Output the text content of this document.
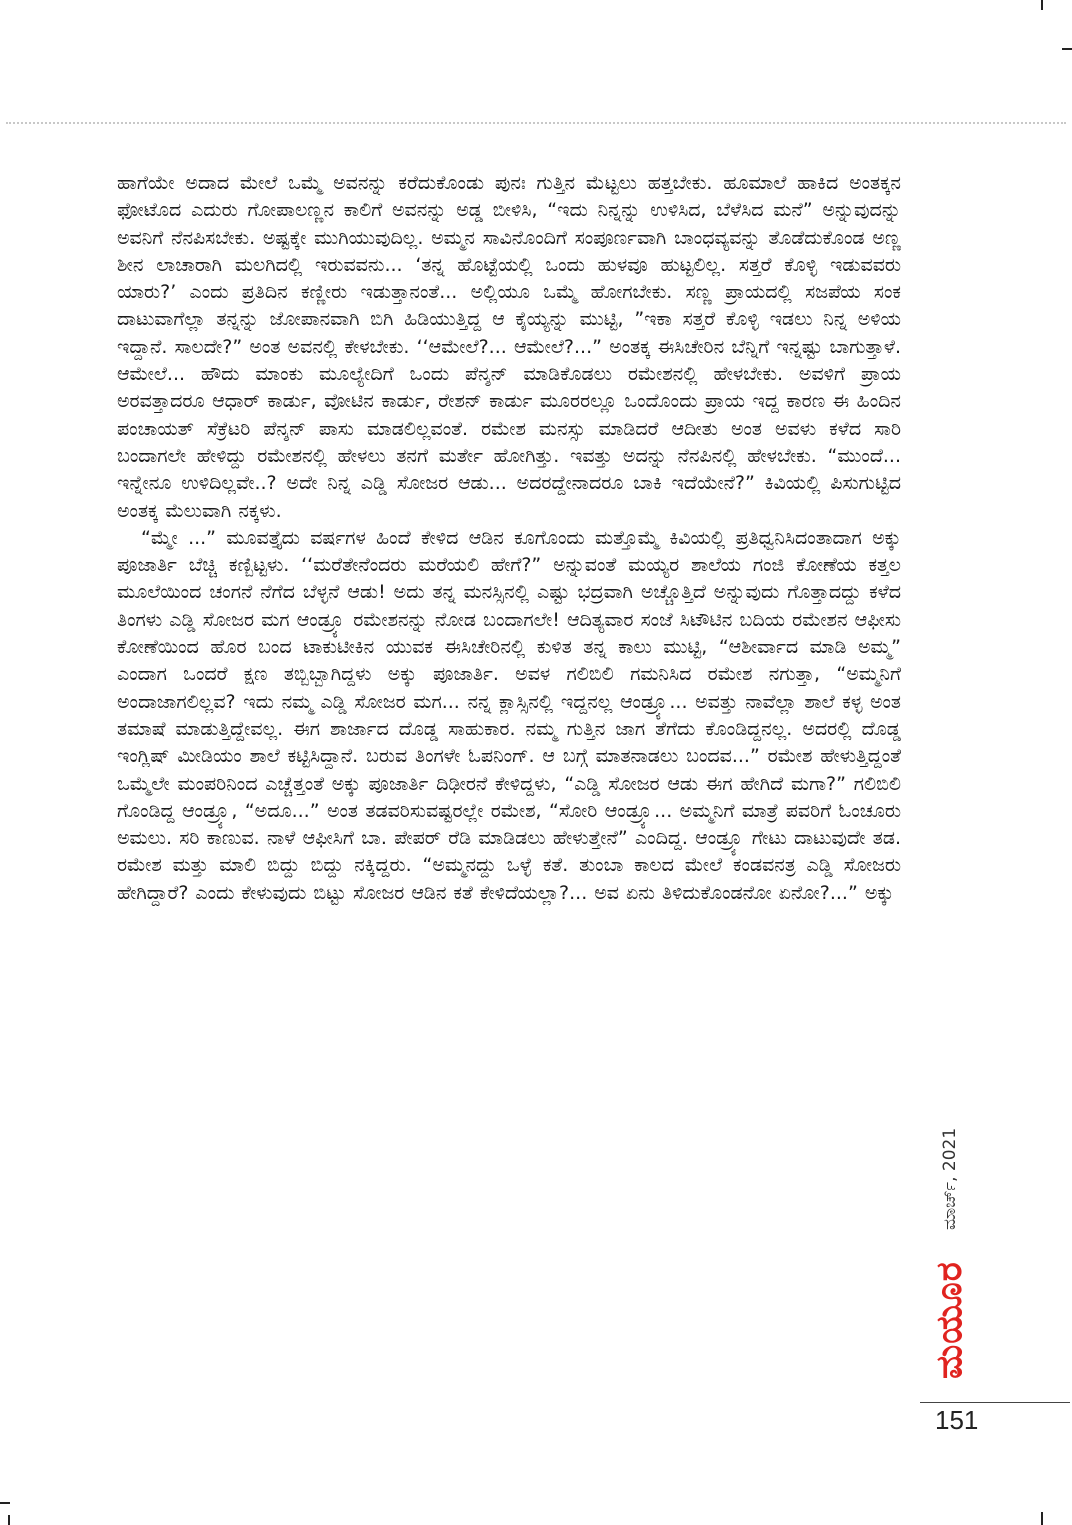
ಹಾಗೆಯೇ ಅದಾದ ಮೇಲೆ ಒಮ್ಮೆ ಅವನನ್ನು ಕರೆದುಕೊಂಡು ಪುನಃ ಗುತ್ತಿನ ಮೆಟ್ಟಲು ಹತ್ತಬೇಕು. ಹೂಮಾಲೆ ಹಾಕಿದ ಅಂತಕ್ಕನ ಫೋಟೊದ ಎದುರು ಗೋಪಾಲಣ್ಣನ ಕಾಲಿಗೆ ಅವನನ್ನು ಅಡ್ಡ ಬೀಳಿಸಿ, “ಇದು ನಿನ್ನನ್ನು ಉಳಿಸಿದ, ಬೆಳೆಸಿದ ಮನೆ” ಅನ್ನುವುದನ್ನು ಅವನಿಗೆ ನೆನಪಿಸಬೇಕು. ಅಷ್ಟಕ್ಕೇ ಮುಗಿಯುವುದಿಲ್ಲ. ಅಮ್ಮನ ಸಾವಿನೊಂದಿಗೆ ಸಂಪೂರ್ಣವಾಗಿ ಬಾಂಧವ್ಯವನ್ನು ತೊಡೆದುಕೊಂಡ ಅಣ್ಣ ಶೀನ ಲಾಚಾರಾಗಿ ಮಲಗಿದಲ್ಲಿ ಇರುವವನು... ‘ತನ್ನ ಹೊಟ್ಟೆಯಲ್ಲಿ ಒಂದು ಹುಳವೂ ಹುಟ್ಟಲಿಲ್ಲ. ಸತ್ತರೆ ಕೊಳ್ಳಿ ಇಡುವವರು ಯಾರು?’ ಎಂದು ಪ್ರತಿದಿನ ಕಣ್ಣೀರು ಇಡುತ್ತಾನಂತೆ... ಅಲ್ಲಿಯೂ ಒಮ್ಮೆ ಹೋಗಬೇಕು. ಸಣ್ಣ ಪ್ರಾಯದಲ್ಲಿ ಸಜಪೆಯ ಸಂಕ ದಾಟುವಾಗೆಲ್ಲಾ ತನ್ನನ್ನು ಜೋಪಾನವಾಗಿ ಬಿಗಿ ಹಿಡಿಯುತ್ತಿದ್ದ ಆ ಕೈಯ್ಯನ್ನು ಮುಟ್ಟಿ, ”ಇಕಾ ಸತ್ತರೆ ಕೊಳ್ಳಿ ಇಡಲು ನಿನ್ನ ಅಳಿಯ ಇದ್ದಾನೆ. ಸಾಲದೇ?” ಅಂತ ಅವನಲ್ಲಿ ಕೇಳಬೇಕು. ‘‘ಆಮೇಲೆ?... ಆಮೇಲೆ?...” ಅಂತಕ್ಕ ಈಸಿಚೇರಿನ ಬೆನ್ನಿಗೆ ಇನ್ನಷ್ಟು ಬಾಗುತ್ತಾಳೆ. ಆಮೇಲೆ... ಹೌದು ಮಾಂಕು ಮೂಲ್ಯೇದಿಗೆ ಒಂದು ಪೆನ್ಶನ್ ಮಾಡಿಕೊಡಲು ರಮೇಶನಲ್ಲಿ ಹೇಳಬೇಕು. ಅವಳಿಗೆ ಪ್ರಾಯ ಅರವತ್ತಾದರೂ ಆಧಾರ್ ಕಾರ್ಡು, ವೋಟಿನ ಕಾರ್ಡು, ರೇಶನ್ ಕಾರ್ಡು ಮೂರರಲ್ಲೂ ಒಂದೊಂದು ಪ್ರಾಯ ಇದ್ದ ಕಾರಣ ಈ ಹಿಂದಿನ ಪಂಚಾಯತ್ ಸೆಕ್ರೆಟರಿ ಪೆನ್ಶನ್ ಪಾಸು ಮಾಡಲಿಲ್ಲವಂತೆ. ರಮೇಶ ಮನಸ್ಸು ಮಾಡಿದರೆ ಆದೀತು ಅಂತ ಅವಳು ಕಳೆದ ಸಾರಿ ಬಂದಾಗಲೇ ಹೇಳಿದ್ದು ರಮೇಶನಲ್ಲಿ ಹೇಳಲು ತನಗೆ ಮರ್ತೇ ಹೋಗಿತ್ತು. ಇವತ್ತು ಅದನ್ನು ನೆನಪಿನಲ್ಲಿ ಹೇಳಬೇಕು. “ಮುಂದೆ... ಇನ್ನೇನೂ ಉಳಿದಿಲ್ಲವೇ..? ಅದೇ ನಿನ್ನ ಎಡ್ಡಿ ಸೋಜರ ಆಡು... ಅದರದ್ದೇನಾದರೂ ಬಾಕಿ ಇದೆಯೇನೆ?” ಕಿವಿಯಲ್ಲಿ ಪಿಸುಗುಟ್ಟಿದ ಅಂತಕ್ಕ ಮೆಲುವಾಗಿ ನಕ್ಕಳು.

“ಮ್ಮೇ ...” ಮೂವತ್ತೈದು ವರ್ಷಗಳ ಹಿಂದೆ ಕೇಳಿದ ಆಡಿನ ಕೂಗೊಂದು ಮತ್ತೊಮ್ಮೆ ಕಿವಿಯಲ್ಲಿ ಪ್ರತಿಧ್ವನಿಸಿದಂತಾದಾಗ ಅಕ್ಕು ಪೂಜಾರ್ತಿ ಬೆಚ್ಚಿ ಕಣ್ಬಿಟ್ಟಳು. ‘‘ಮರೆತೇನೆಂದರು ಮರೆಯಲಿ ಹೇಗೆ?” ಅನ್ನುವಂತೆ ಮಯ್ಯರ ಶಾಲೆಯ ಗಂಜಿ ಕೋಣೆಯ ಕತ್ತಲ ಮೂಲೆಯಿಂದ ಚಂಗನೆ ನೆಗೆದ ಬೆಳ್ಳನೆ ಆಡು! ಅದು ತನ್ನ ಮನಸ್ಸಿನಲ್ಲಿ ಎಷ್ಟು ಭದ್ರವಾಗಿ ಅಚ್ಚೊತ್ತಿದೆ ಅನ್ನುವುದು ಗೊತ್ತಾದದ್ದು ಕಳೆದ ತಿಂಗಳು ಎಡ್ಡಿ ಸೋಜರ ಮಗ ಆಂಡ್ರ್ಯೂ ರಮೇಶನನ್ನು ನೋಡ ಬಂದಾಗಲೇ! ಆದಿತ್ಯವಾರ ಸಂಜೆ ಸಿಟೌಟಿನ ಬದಿಯ ರಮೇಶನ ಆಫೀಸು ಕೋಣೆಯಿಂದ ಹೊರ ಬಂದ ಟಾಕುಟೀಕಿನ ಯುವಕ ಈಸಿಚೇರಿನಲ್ಲಿ ಕುಳಿತ ತನ್ನ ಕಾಲು ಮುಟ್ಟಿ, “ಆಶೀರ್ವಾದ ಮಾಡಿ ಅಮ್ಮ” ಎಂದಾಗ ಒಂದರೆ ಕ್ಷಣ ತಬ್ಬಿಬ್ಬಾಗಿದ್ದಳು ಅಕ್ಕು ಪೂಜಾರ್ತಿ. ಅವಳ ಗಲಿಬಿಲಿ ಗಮನಿಸಿದ ರಮೇಶ ನಗುತ್ತಾ, “ಅಮ್ಮನಿಗೆ ಅಂದಾಜಾಗಲಿಲ್ಲವ? ಇದು ನಮ್ಮ ಎಡ್ಡಿ ಸೋಜರ ಮಗ... ನನ್ನ ಕ್ಲಾಸ್ಸಿನಲ್ಲಿ ಇದ್ದನಲ್ಲ ಆಂಡ್ರ್ಯೂ... ಅವತ್ತು ನಾವೆಲ್ಲಾ ಶಾಲೆ ಕಳ್ಳ ಅಂತ ತಮಾಷೆ ಮಾಡುತ್ತಿದ್ದೇವಲ್ಲ. ಈಗ ಶಾರ್ಜಾದ ದೊಡ್ಡ ಸಾಹುಕಾರ. ನಮ್ಮ ಗುತ್ತಿನ ಜಾಗ ತೆಗೆದು ಕೊಂಡಿದ್ದನಲ್ಲ. ಅದರಲ್ಲಿ ದೊಡ್ಡ ಇಂಗ್ಲಿಷ್ ಮೀಡಿಯಂ ಶಾಲೆ ಕಟ್ಟಿಸಿದ್ದಾನೆ. ಬರುವ ತಿಂಗಳೇ ಓಪನಿಂಗ್. ಆ ಬಗ್ಗೆ ಮಾತನಾಡಲು ಬಂದವ...” ರಮೇಶ ಹೇಳುತ್ತಿದ್ದಂತೆ ಒಮ್ಮೆಲೇ ಮಂಪರಿನಿಂದ ಎಚ್ಚೆತ್ತಂತೆ ಅಕ್ಕು ಪೂಜಾರ್ತಿ ದಿಢೀರನೆ ಕೇಳಿದ್ದಳು, “ಎಡ್ಡಿ ಸೋಜರ ಆಡು ಈಗ ಹೇಗಿದೆ ಮಗಾ?” ಗಲಿಬಿಲಿ ಗೊಂಡಿದ್ದ ಆಂಡ್ರ್ಯೂ, “ಅದೂ...” ಅಂತ ತಡವರಿಸುವಷ್ಟರಲ್ಲೇ ರಮೇಶ, “ಸೋರಿ ಆಂಡ್ರ್ಯೂ... ಅಮ್ಮನಿಗೆ ಮಾತ್ರೆ ಪವರಿಗೆ ಓಂಚೂರು ಅಮಲು. ಸರಿ ಕಾಣುವ. ನಾಳೆ ಆಫೀಸಿಗೆ ಬಾ. ಪೇಪರ್ ರೆಡಿ ಮಾಡಿಡಲು ಹೇಳುತ್ತೇನೆ” ಎಂದಿದ್ದ. ಆಂಡ್ರ್ಯೂ ಗೇಟು ದಾಟುವುದೇ ತಡ. ರಮೇಶ ಮತ್ತು ಮಾಲಿ ಬಿದ್ದು ಬಿದ್ದು ನಕ್ಕಿದ್ದರು. “ಅಮ್ಮನದ್ದು ಒಳ್ಳೆ ಕತೆ. ತುಂಬಾ ಕಾಲದ ಮೇಲೆ ಕಂಡವನತ್ರ ಎಡ್ಡಿ ಸೋಜರು ಹೇಗಿದ್ದಾರೆ? ಎಂದು ಕೇಳುವುದು ಬಿಟ್ಟು ಸೋಜರ ಆಡಿನ ಕತೆ ಕೇಳಿದೆಯಲ್ಲಾ?... ಅವ ಏನು ತಿಳಿದುಕೊಂಡನೋ ಏನೋ?...” ಅಕ್ಕು

ಮಾರ್ಚ್, 2021
ಮಯೂರ
151
